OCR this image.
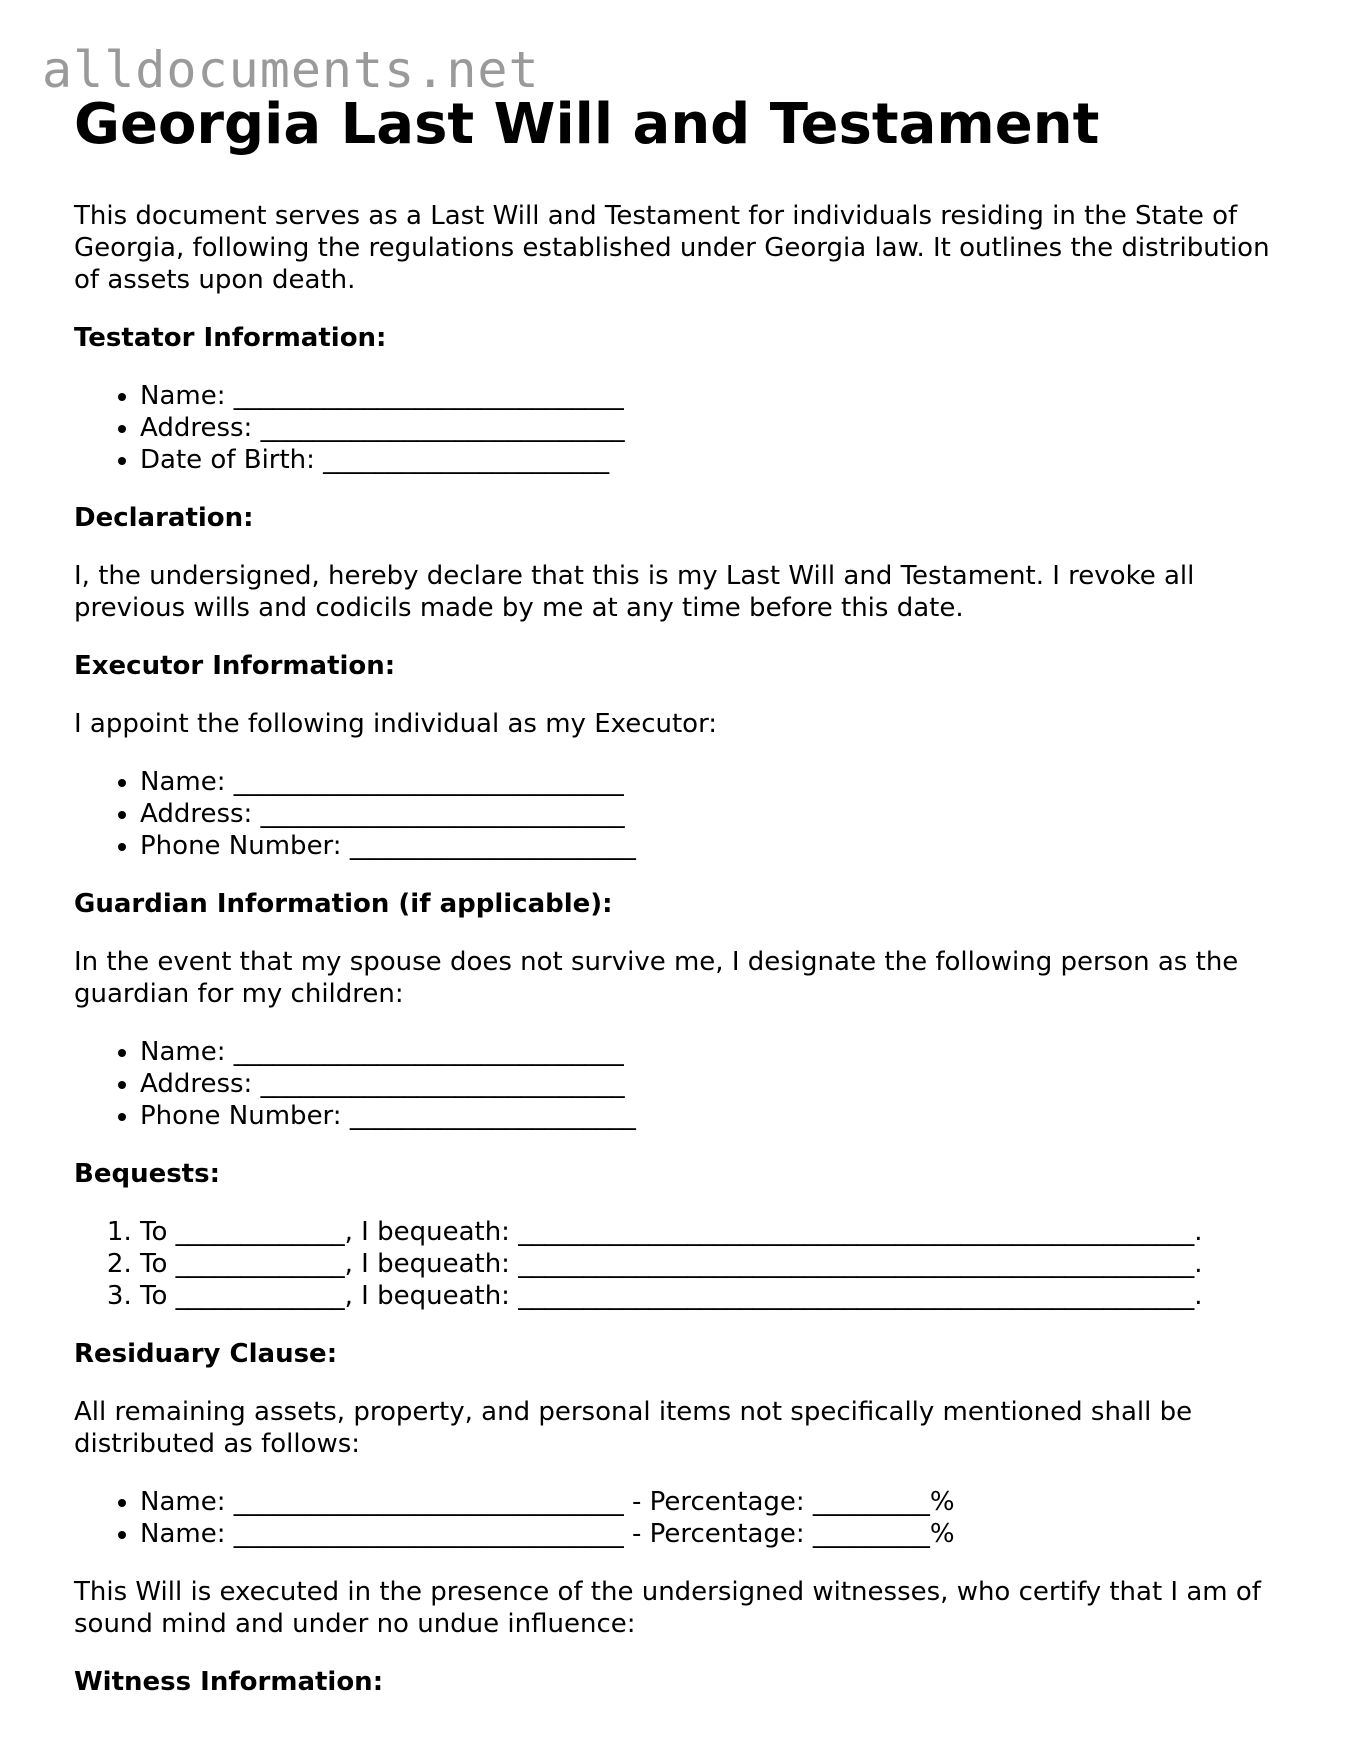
alldocuments.net
Georgia Last Will and Testament

This document serves as a Last Will and Testament for individuals residing in the State of Georgia, following the regulations established under Georgia law. It outlines the distribution of assets upon death.

Testator Information:
• Name: ______________________________
• Address: ____________________________
• Date of Birth: ______________________
Declaration:

I, the undersigned, hereby declare that this is my Last Will and Testament. I revoke all previous wills and codicils made by me at any time before this date.

Executor Information:

I appoint the following individual as my Executor:

• Name: ______________________________
• Address: ____________________________
• Phone Number: ______________________
Guardian Information (if applicable):

In the event that my spouse does not survive me, I designate the following person as the guardian for my children:

• Name: ______________________________
• Address: ____________________________
• Phone Number: ______________________
Bequests:
1. To _____________, I bequeath: ____________________________________________________.
2. To _____________, I bequeath: ____________________________________________________.
3. To _____________, I bequeath: ____________________________________________________.
Residuary Clause:

All remaining assets, property, and personal items not specifically mentioned shall be distributed as follows:

• Name: ______________________________ - Percentage: _________%
• Name: ______________________________ - Percentage: _________%

This Will is executed in the presence of the undersigned witnesses, who certify that I am of sound mind and under no undue influence:

Witness Information:
